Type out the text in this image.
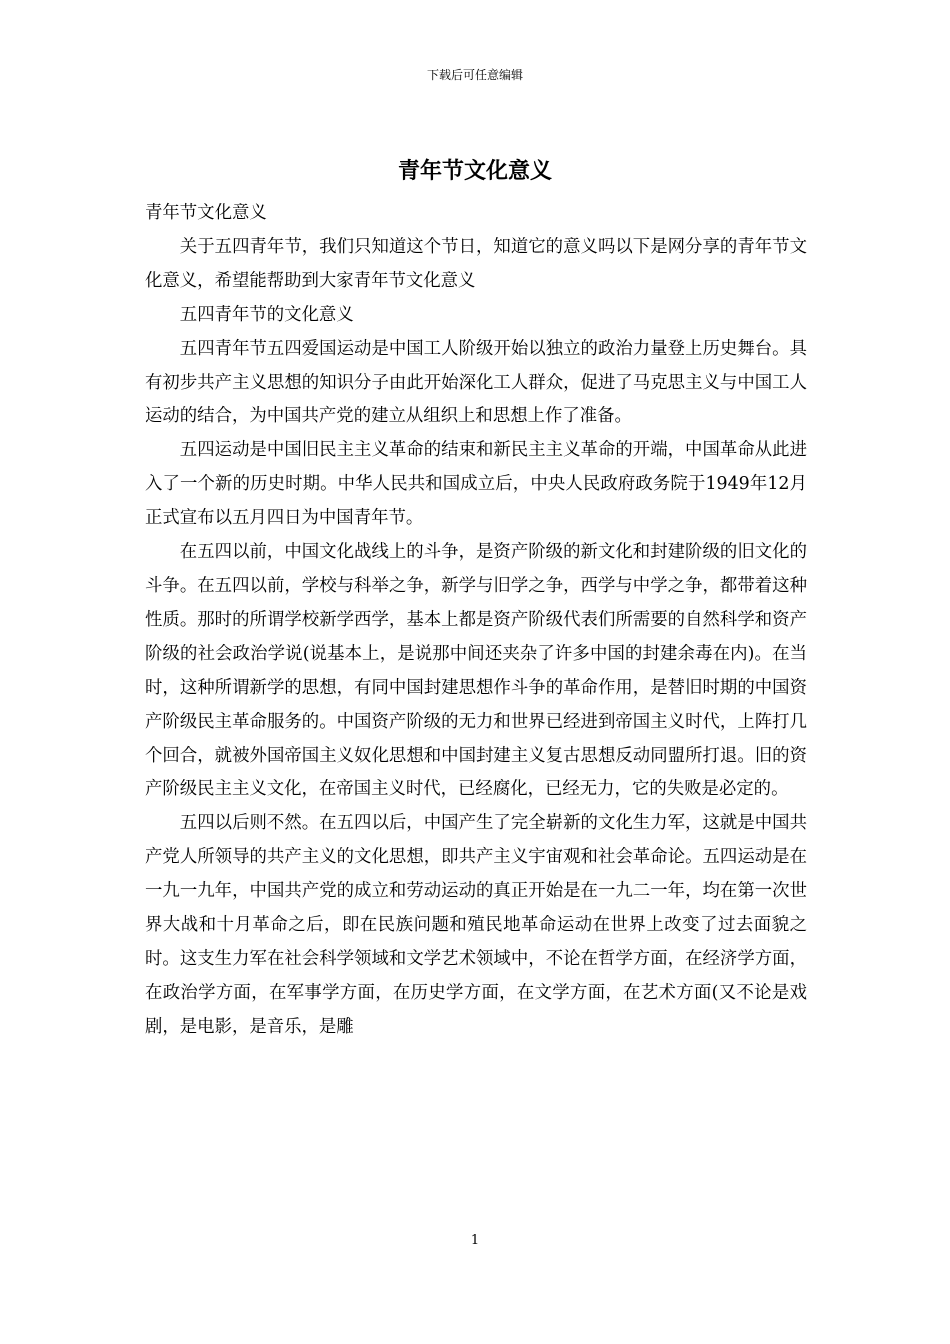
下载后可任意编辑
青年节文化意义

青年节文化意义

关于五四青年节，我们只知道这个节日，知道它的意义吗以下是网分享的青年节文化意义，希望能帮助到大家青年节文化意义

五四青年节的文化意义

五四青年节五四爱国运动是中国工人阶级开始以独立的政治力量登上历史舞台。具有初步共产主义思想的知识分子由此开始深化工人群众，促进了马克思主义与中国工人运动的结合，为中国共产党的建立从组织上和思想上作了准备。

五四运动是中国旧民主主义革命的结束和新民主主义革命的开端，中国革命从此进入了一个新的历史时期。中华人民共和国成立后，中央人民政府政务院于1949年12月正式宣布以五月四日为中国青年节。

在五四以前，中国文化战线上的斗争，是资产阶级的新文化和封建阶级的旧文化的斗争。在五四以前，学校与科举之争，新学与旧学之争，西学与中学之争，都带着这种性质。那时的所谓学校新学西学，基本上都是资产阶级代表们所需要的自然科学和资产阶级的社会政治学说(说基本上，是说那中间还夹杂了许多中国的封建余毒在内)。在当时，这种所谓新学的思想，有同中国封建思想作斗争的革命作用，是替旧时期的中国资产阶级民主革命服务的。中国资产阶级的无力和世界已经进到帝国主义时代，上阵打几个回合，就被外国帝国主义奴化思想和中国封建主义复古思想反动同盟所打退。旧的资产阶级民主主义文化，在帝国主义时代，已经腐化，已经无力，它的失败是必定的。

五四以后则不然。在五四以后，中国产生了完全崭新的文化生力军，这就是中国共产党人所领导的共产主义的文化思想，即共产主义宇宙观和社会革命论。五四运动是在一九一九年，中国共产党的成立和劳动运动的真正开始是在一九二一年，均在第一次世界大战和十月革命之后，即在民族问题和殖民地革命运动在世界上改变了过去面貌之时。这支生力军在社会科学领域和文学艺术领域中，不论在哲学方面，在经济学方面，在政治学方面，在军事学方面，在历史学方面，在文学方面，在艺术方面(又不论是戏剧，是电影，是音乐，是雕

1
